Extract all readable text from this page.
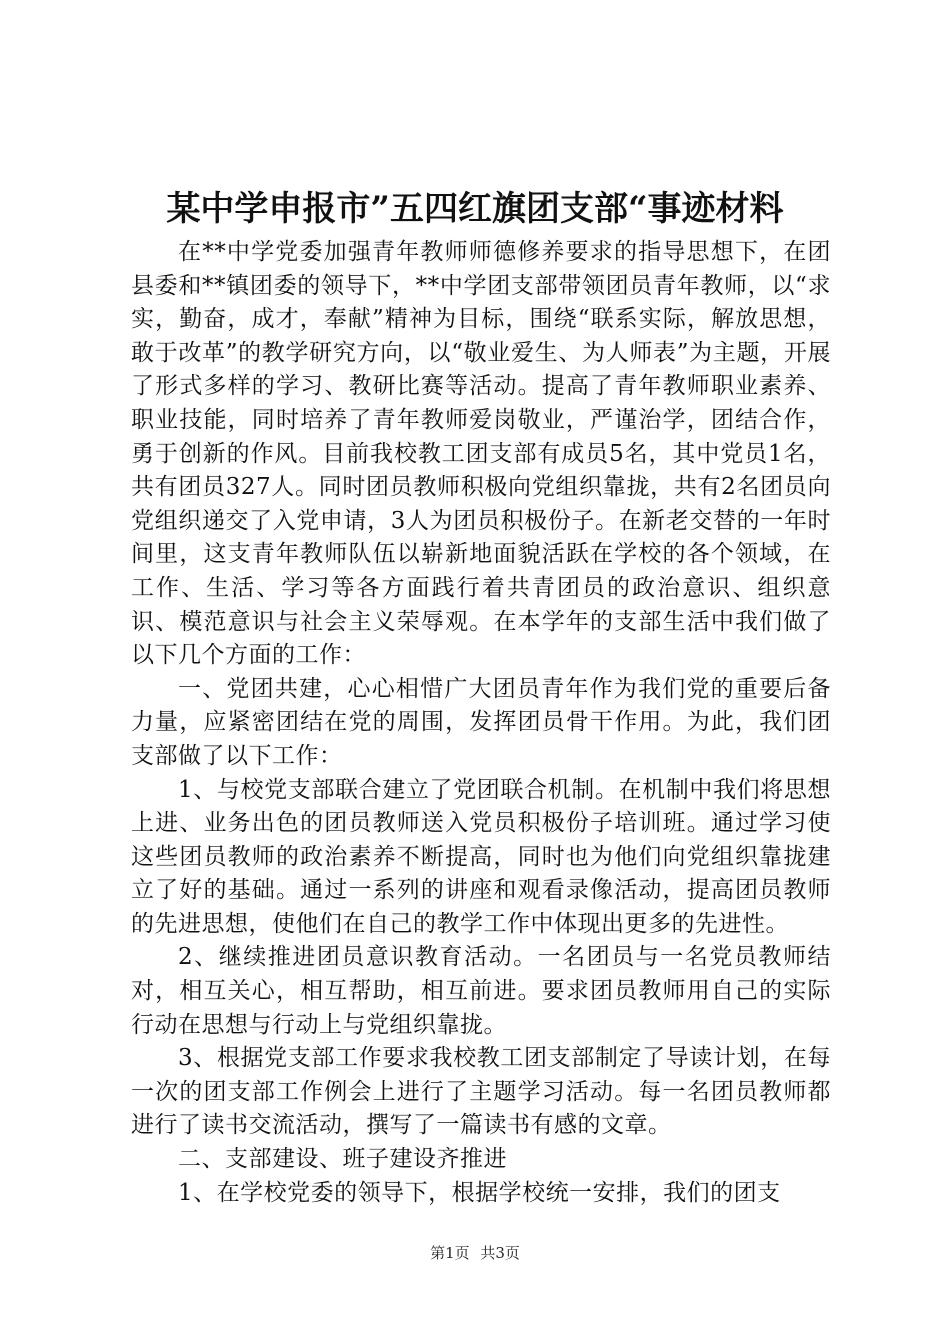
某中学申报市”五四红旗团支部“事迹材料

在**中学党委加强青年教师师德修养要求的指导思想下，在团县委和**镇团委的领导下，**中学团支部带领团员青年教师，以“求实，勤奋，成才，奉献”精神为目标，围绕“联系实际，解放思想，敢于改革”的教学研究方向，以“敬业爱生、为人师表”为主题，开展了形式多样的学习、教研比赛等活动。提高了青年教师职业素养、职业技能，同时培养了青年教师爱岗敬业，严谨治学，团结合作，勇于创新的作风。目前我校教工团支部有成员5名，其中党员1名，共有团员327人。同时团员教师积极向党组织靠拢，共有2名团员向党组织递交了入党申请，3人为团员积极份子。在新老交替的一年时间里，这支青年教师队伍以崭新地面貌活跃在学校的各个领域，在工作、生活、学习等各方面践行着共青团员的政治意识、组织意识、模范意识与社会主义荣辱观。在本学年的支部生活中我们做了以下几个方面的工作：

一、党团共建，心心相惜广大团员青年作为我们党的重要后备力量，应紧密团结在党的周围，发挥团员骨干作用。为此，我们团支部做了以下工作：

1、与校党支部联合建立了党团联合机制。在机制中我们将思想上进、业务出色的团员教师送入党员积极份子培训班。通过学习使这些团员教师的政治素养不断提高，同时也为他们向党组织靠拢建立了好的基础。通过一系列的讲座和观看录像活动，提高团员教师的先进思想，使他们在自己的教学工作中体现出更多的先进性。

2、继续推进团员意识教育活动。一名团员与一名党员教师结对，相互关心，相互帮助，相互前进。要求团员教师用自己的实际行动在思想与行动上与党组织靠拢。

3、根据党支部工作要求我校教工团支部制定了导读计划，在每一次的团支部工作例会上进行了主题学习活动。每一名团员教师都进行了读书交流活动，撰写了一篇读书有感的文章。

二、支部建设、班子建设齐推进

1、在学校党委的领导下，根据学校统一安排，我们的团支

第1页 共3页
